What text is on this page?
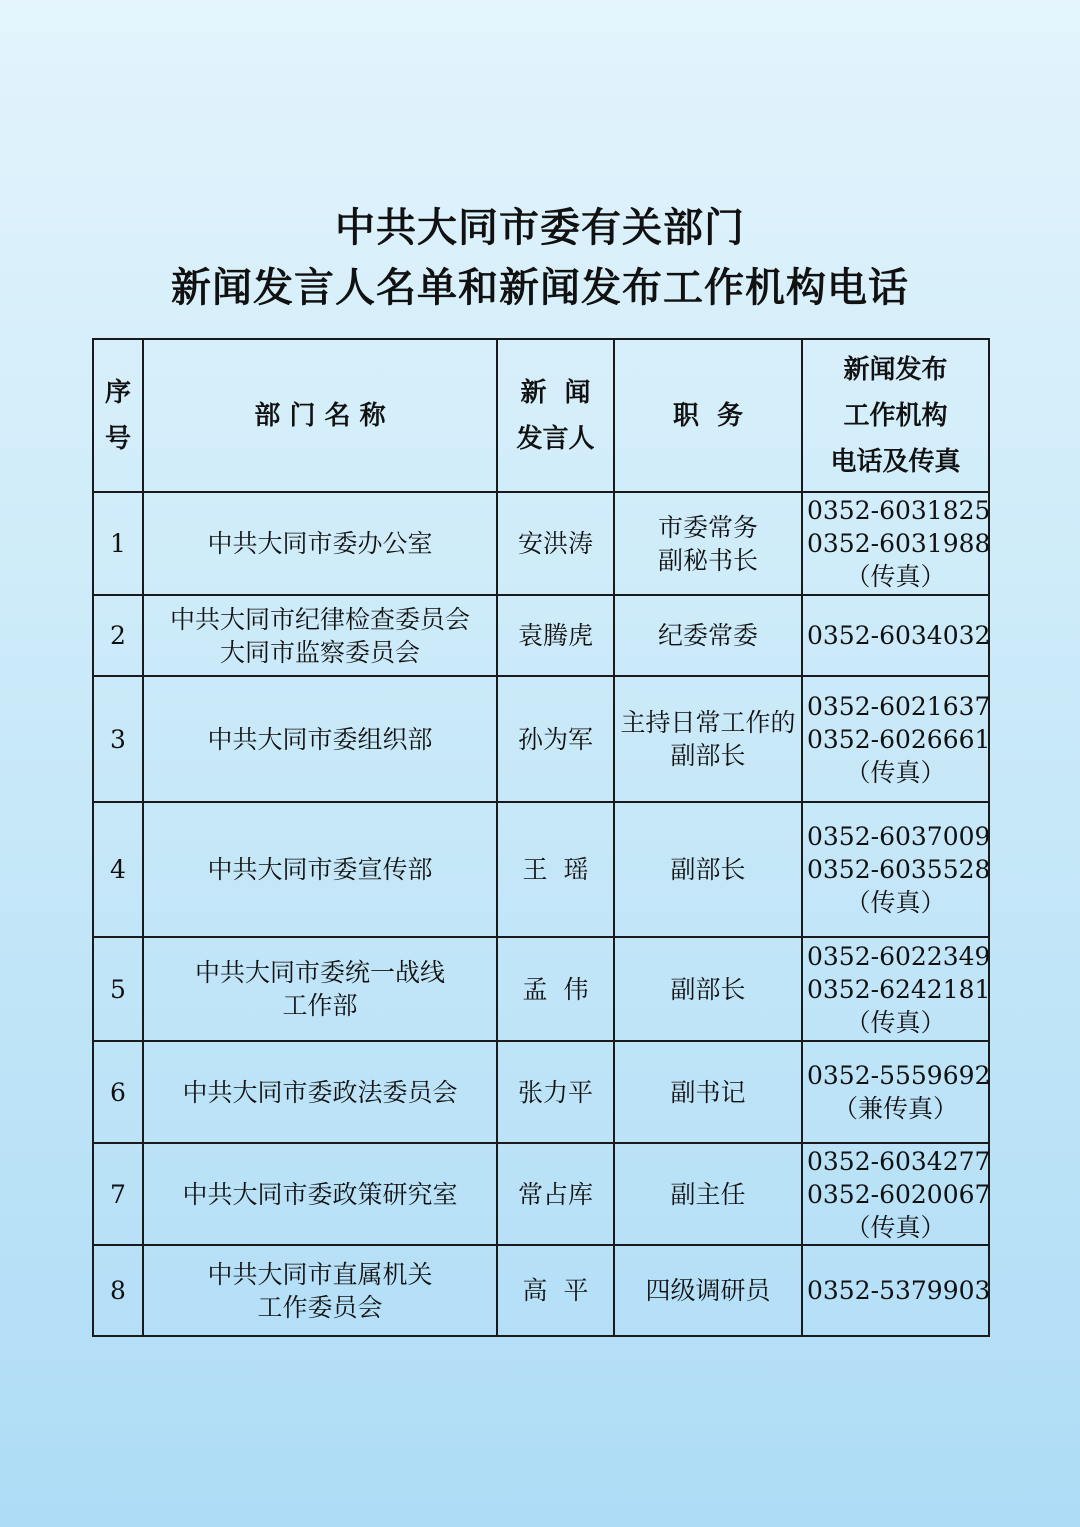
中共大同市委有关部门
新闻发言人名单和新闻发布工作机构电话
序
号	部 门 名 称	新  闻
发言人	职  务	新闻发布
工作机构
电话及传真

1	中共大同市委办公室	安洪涛	市委常务
副秘书长	0352-6031825
0352-6031988
（传真）

2	中共大同市纪律检查委员会
大同市监察委员会	袁腾虎	纪委常委	0352-6034032

3	中共大同市委组织部	孙为军	主持日常工作的
副部长	0352-6021637
0352-6026661
（传真）

4	中共大同市委宣传部	王  瑶	副部长	0352-6037009
0352-6035528
（传真）

5	中共大同市委统一战线
工作部	孟  伟	副部长	0352-6022349
0352-6242181
（传真）

6	中共大同市委政法委员会	张力平	副书记	0352-5559692
（兼传真）

7	中共大同市委政策研究室	常占库	副主任	0352-6034277
0352-6020067
（传真）

8	中共大同市直属机关
工作委员会	高  平	四级调研员	0352-5379903
